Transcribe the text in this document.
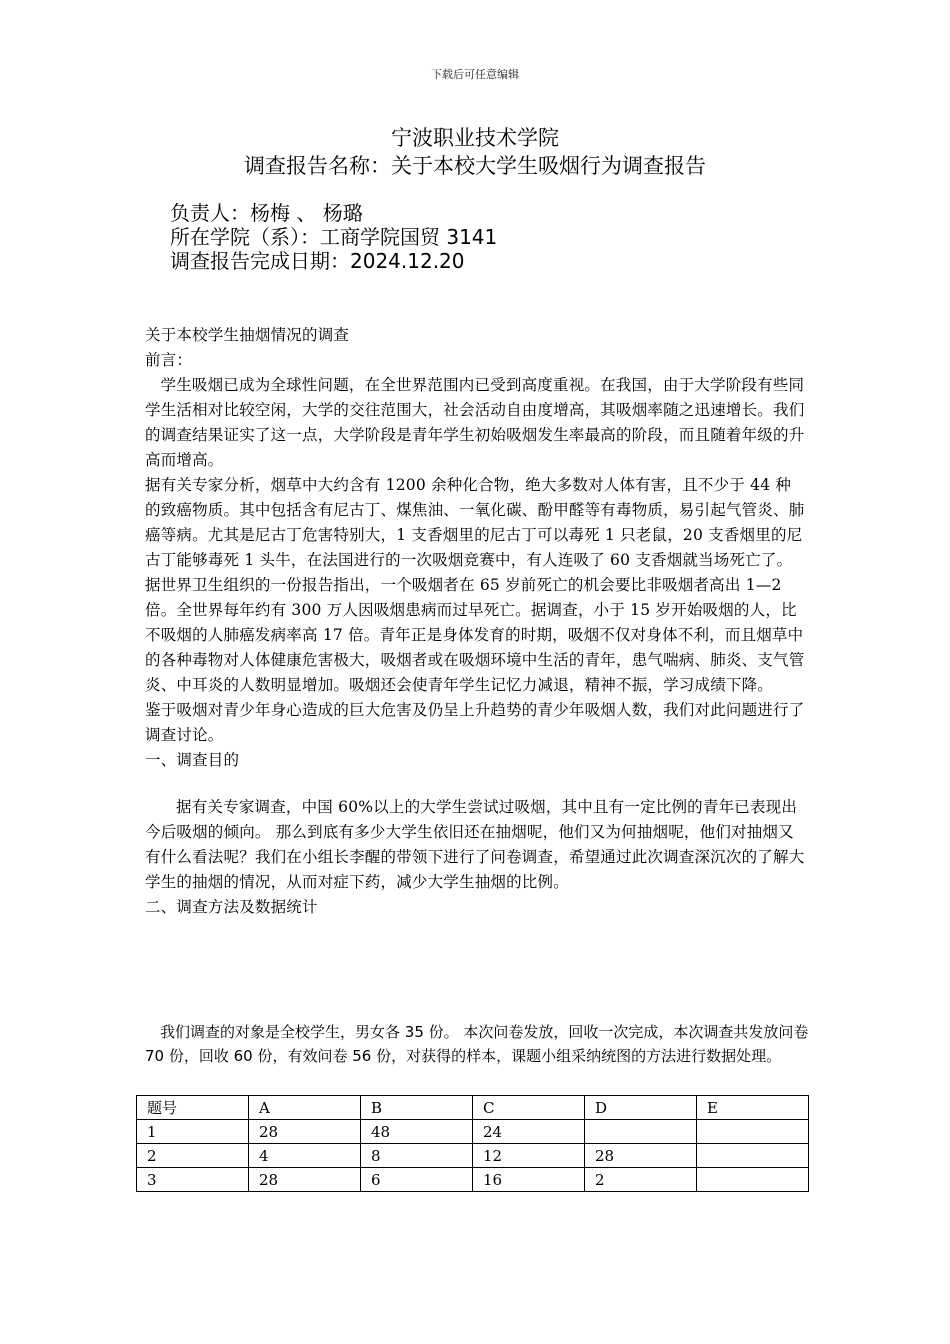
下载后可任意编辑
宁波职业技术学院
调查报告名称：关于本校大学生吸烟行为调查报告
负责人：杨梅 、 杨璐
所在学院（系）：工商学院国贸 3141
调查报告完成日期：2024.12.20

关于本校学生抽烟情况的调查

前言：

学生吸烟已成为全球性问题，在全世界范围内已受到高度重视。在我国，由于大学阶段有些同学生活相对比较空闲，大学的交往范围大，社会活动自由度增高，其吸烟率随之迅速增长。我们的调查结果证实了这一点，大学阶段是青年学生初始吸烟发生率最高的阶段，而且随着年级的升高而增高。

据有关专家分析，烟草中大约含有 1200 余种化合物，绝大多数对人体有害，且不少于 44 种的致癌物质。其中包括含有尼古丁、煤焦油、一氧化碳、酚甲醛等有毒物质，易引起气管炎、肺癌等病。尤其是尼古丁危害特别大，1 支香烟里的尼古丁可以毒死 1 只老鼠，20 支香烟里的尼古丁能够毒死 1 头牛，在法国进行的一次吸烟竞赛中，有人连吸了 60 支香烟就当场死亡了。据世界卫生组织的一份报告指出，一个吸烟者在 65 岁前死亡的机会要比非吸烟者高出 1—2 倍。全世界每年约有 300 万人因吸烟患病而过早死亡。据调查，小于 15 岁开始吸烟的人，比不吸烟的人肺癌发病率高 17 倍。青年正是身体发育的时期，吸烟不仅对身体不利，而且烟草中的各种毒物对人体健康危害极大，吸烟者或在吸烟环境中生活的青年，患气喘病、肺炎、支气管炎、中耳炎的人数明显增加。吸烟还会使青年学生记忆力减退，精神不振，学习成绩下降。

鉴于吸烟对青少年身心造成的巨大危害及仍呈上升趋势的青少年吸烟人数，我们对此问题进行了调查讨论。

一、调查目的

据有关专家调查，中国 60%以上的大学生尝试过吸烟，其中且有一定比例的青年已表现出今后吸烟的倾向。 那么到底有多少大学生依旧还在抽烟呢，他们又为何抽烟呢，他们对抽烟又有什么看法呢？我们在小组长李醒的带领下进行了问卷调查，希望通过此次调查深沉次的了解大学生的抽烟的情况，从而对症下药，减少大学生抽烟的比例。

二、调查方法及数据统计

我们调查的对象是全校学生，男女各 35 份。 本次问卷发放，回收一次完成，本次调查共发放问卷 70 份，回收 60 份，有效问卷 56 份，对获得的样本，课题小组采纳统图的方法进行数据处理。
题号	A	B	C	D	E
1	28	48	24		
2	4	8	12	28	
3	28	6	16	2	
